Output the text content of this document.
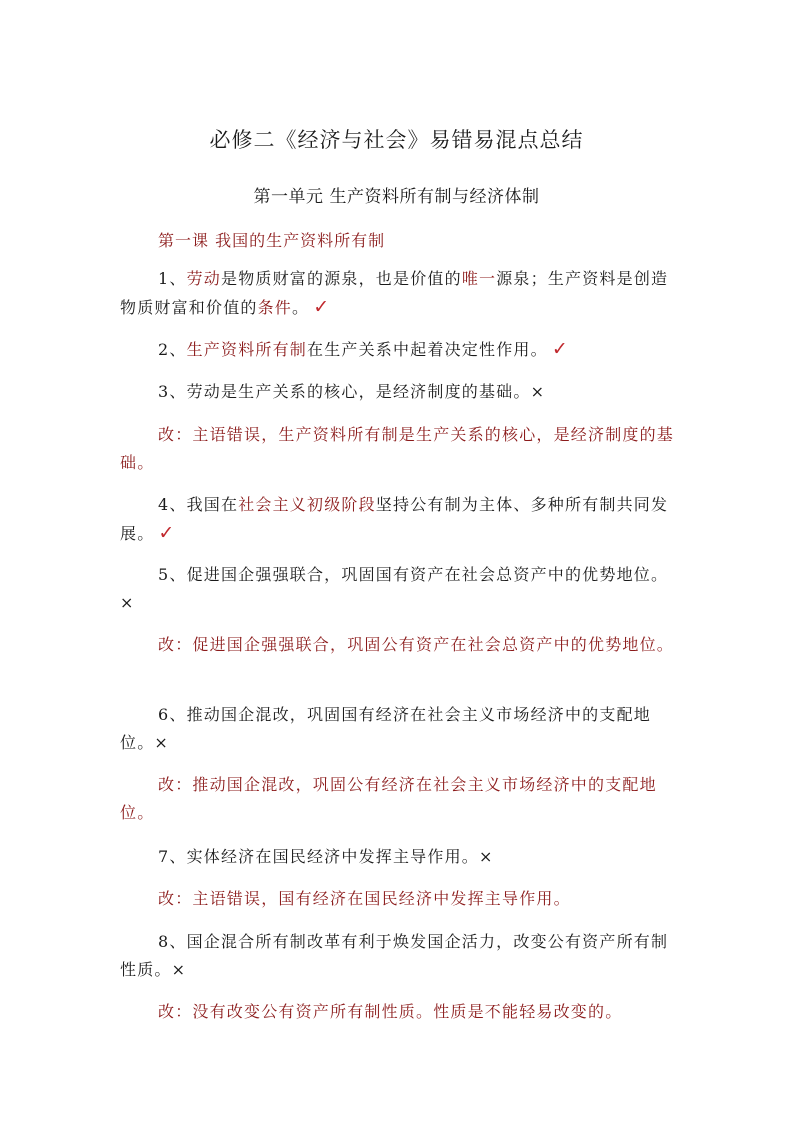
必修二《经济与社会》易错易混点总结
第一单元 生产资料所有制与经济体制
第一课 我国的生产资料所有制
1、劳动是物质财富的源泉，也是价值的唯一源泉；生产资料是创造物质财富和价值的条件。 ✓
2、生产资料所有制在生产关系中起着决定性作用。 ✓
3、劳动是生产关系的核心，是经济制度的基础。×
改：主语错误，生产资料所有制是生产关系的核心，是经济制度的基础。
4、我国在社会主义初级阶段坚持公有制为主体、多种所有制共同发展。 ✓
5、促进国企强强联合，巩固国有资产在社会总资产中的优势地位。×
改：促进国企强强联合，巩固公有资产在社会总资产中的优势地位。
6、推动国企混改，巩固国有经济在社会主义市场经济中的支配地位。×
改：推动国企混改，巩固公有经济在社会主义市场经济中的支配地位。
7、实体经济在国民经济中发挥主导作用。×
改：主语错误，国有经济在国民经济中发挥主导作用。
8、国企混合所有制改革有利于焕发国企活力，改变公有资产所有制性质。×
改：没有改变公有资产所有制性质。性质是不能轻易改变的。
